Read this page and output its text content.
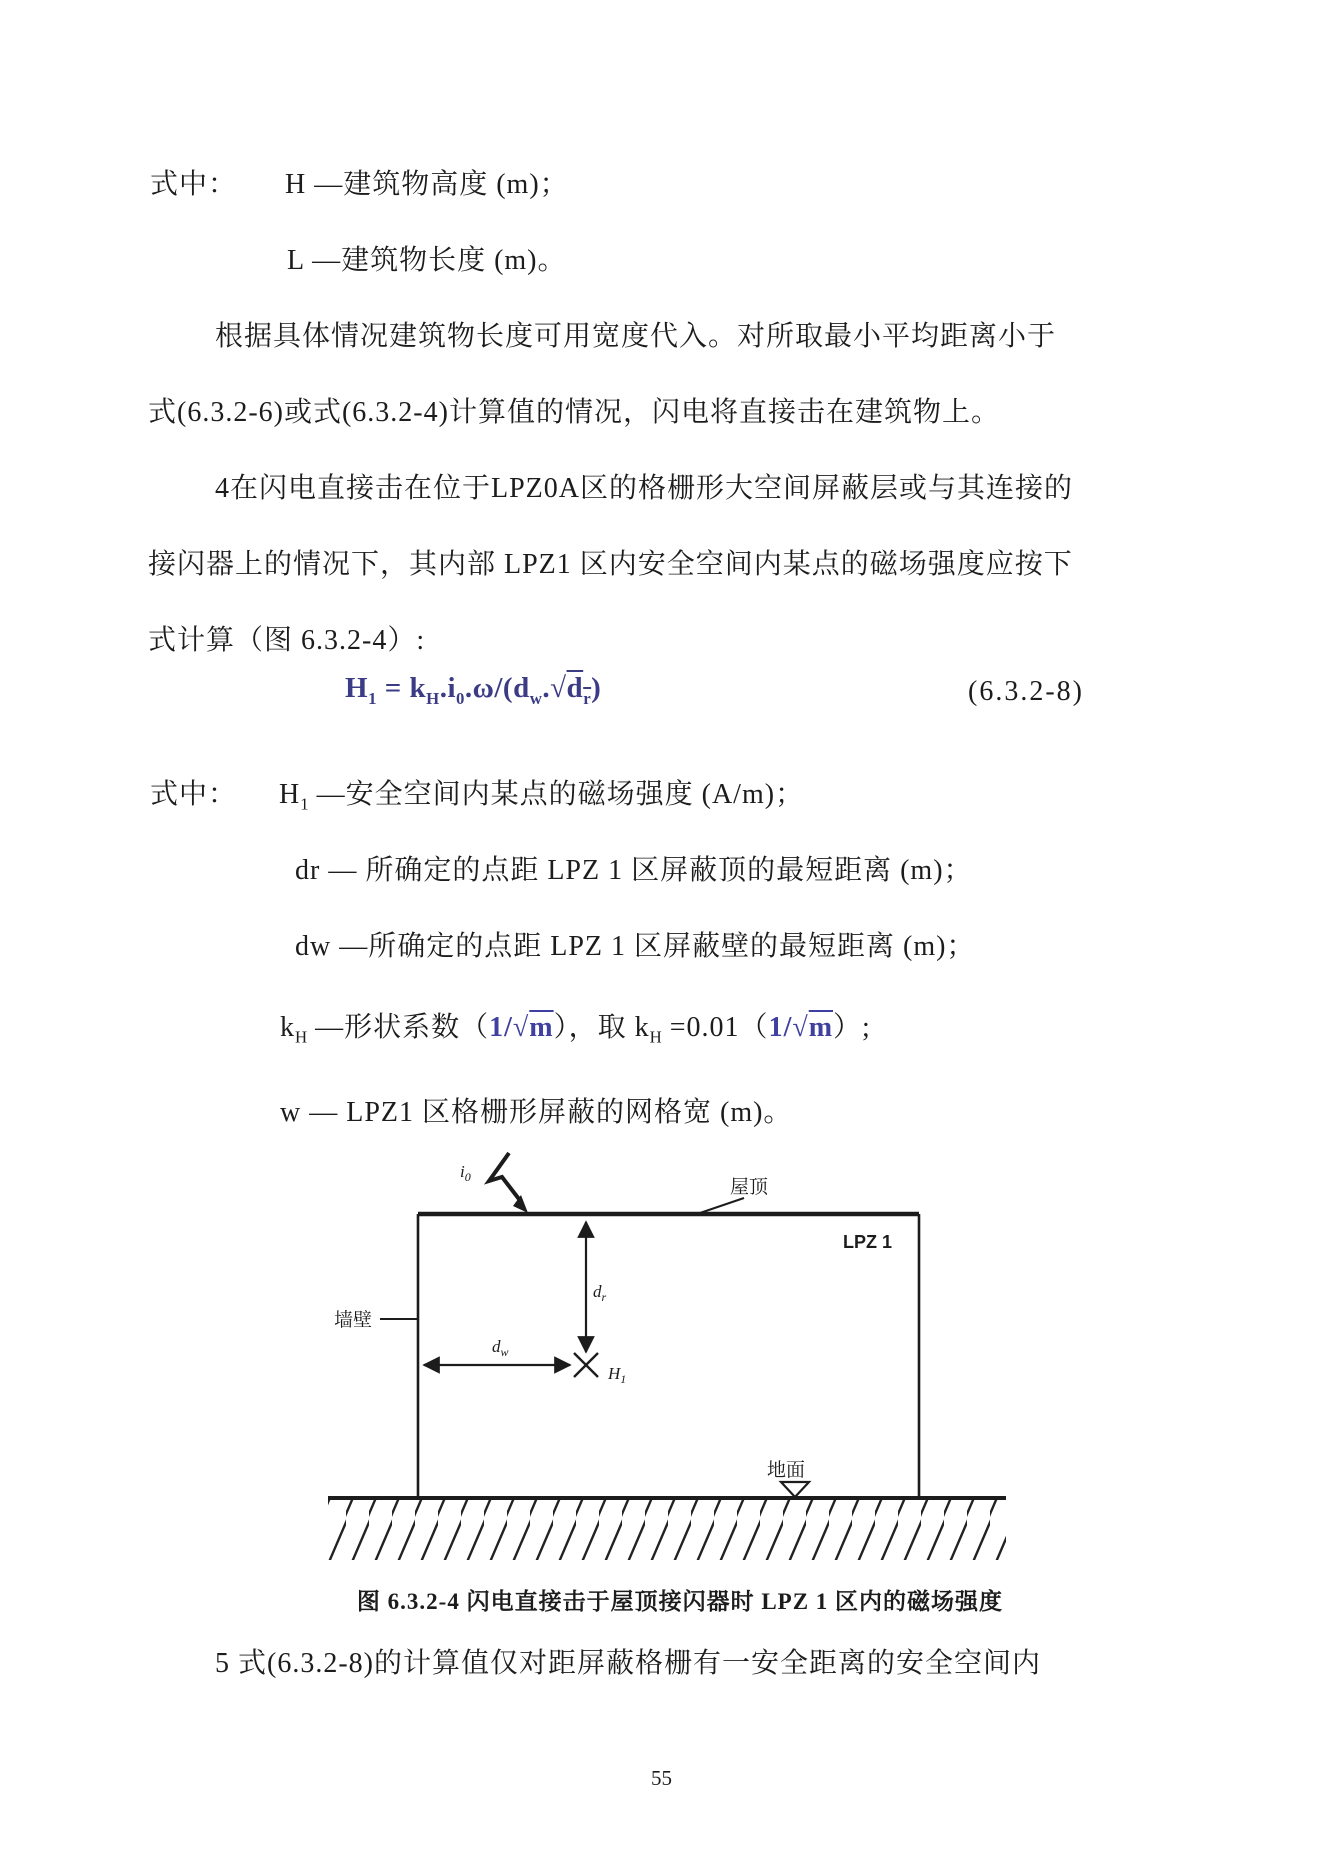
式中： H —建筑物高度 (m)；
L —建筑物长度 (m)。
根据具体情况建筑物长度可用宽度代入。对所取最小平均距离小于
式(6.3.2-6)或式(6.3.2-4)计算值的情况，闪电将直接击在建筑物上。
4在闪电直接击在位于LPZ0A区的格栅形大空间屏蔽层或与其连接的
接闪器上的情况下，其内部 LPZ1 区内安全空间内某点的磁场强度应按下
式计算（图 6.3.2-4）:
$H_1 = k_H.i_0.\omega/(d_w.√d_r)$	(6.3.2-8)
式中： $H_1$ —安全空间内某点的磁场强度 (A/m)；
dr — 所确定的点距 LPZ 1 区屏蔽顶的最短距离 (m)；
dw —所确定的点距 LPZ 1 区屏蔽壁的最短距离 (m)；
$k_H$ —形状系数（1/√m），取 $k_H =0.01(1/√m)$;
w — LPZ1 区格栅形屏蔽的网格宽 (m)。
$i_0$	屋顶
LPZ 1
$d_r$
$d_w$
$H_1$
墙壁
地面
图 6.3.2-4 闪电直接击于屋顶接闪器时 LPZ 1 区内的磁场强度
5 式(6.3.2-8)的计算值仅对距屏蔽格栅有一安全距离的安全空间内
55
